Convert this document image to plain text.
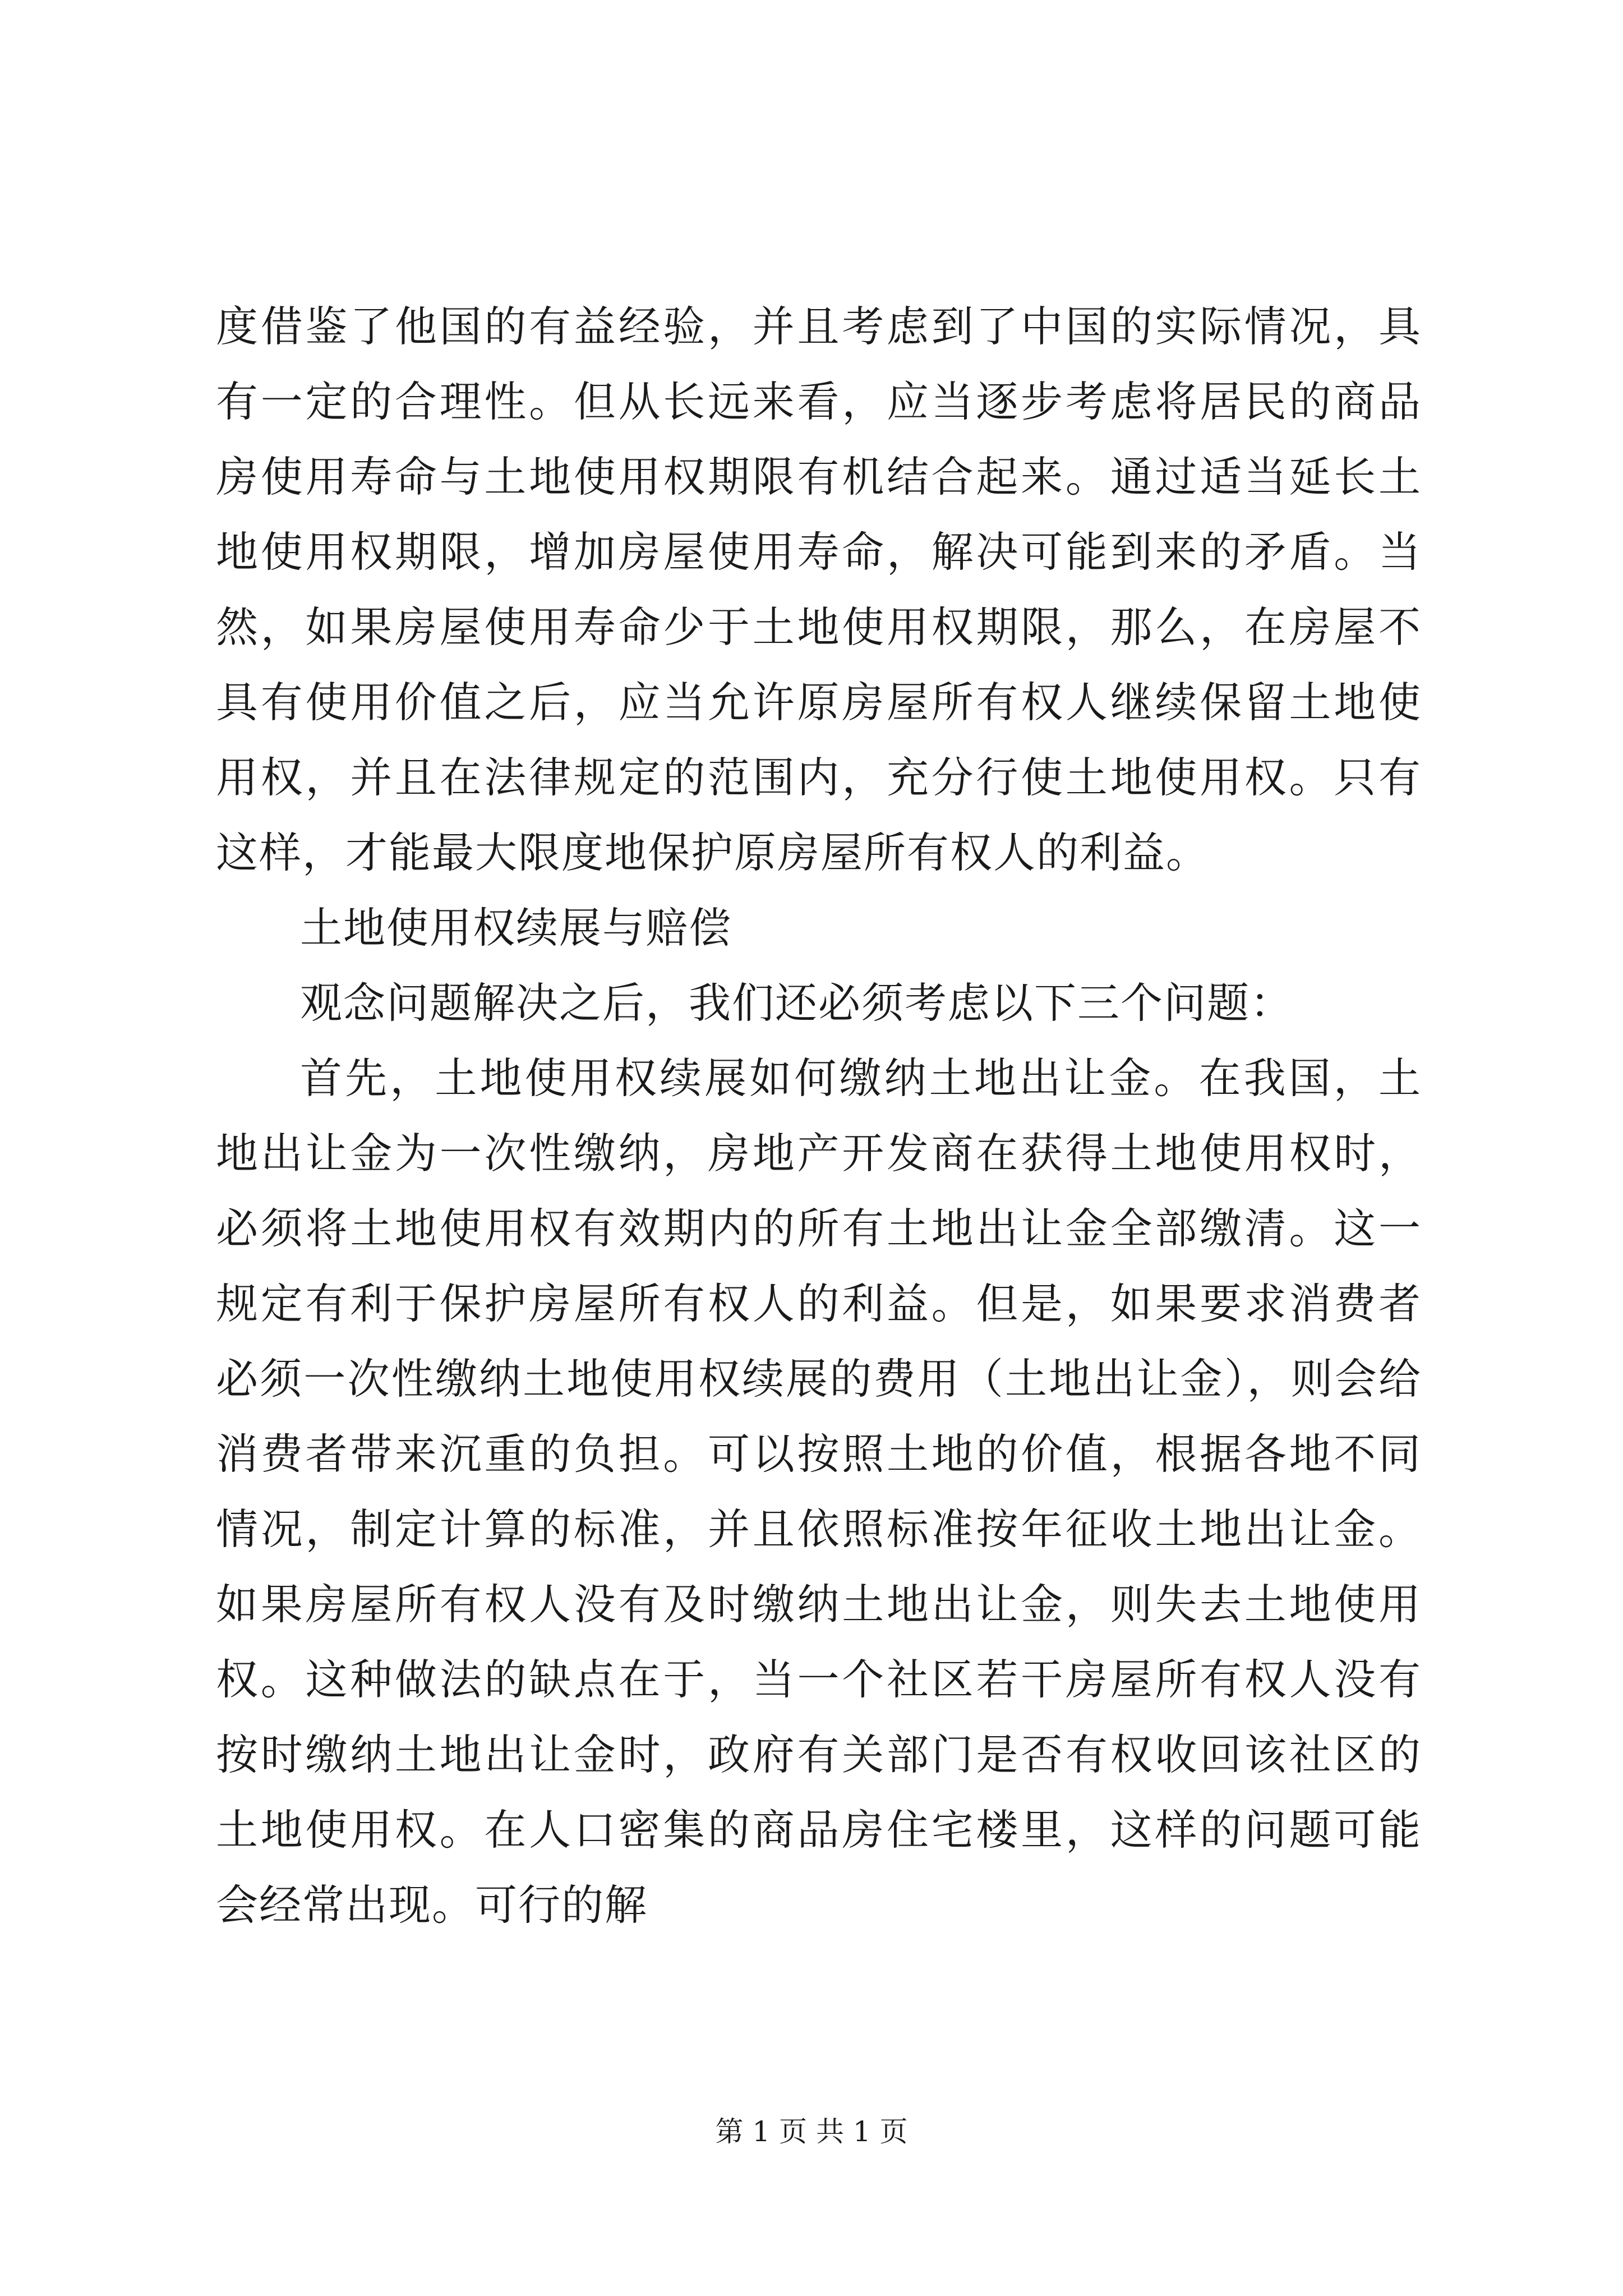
度借鉴了他国的有益经验，并且考虑到了中国的实际情况，具有一定的合理性。但从长远来看，应当逐步考虑将居民的商品房使用寿命与土地使用权期限有机结合起来。通过适当延长土地使用权期限，增加房屋使用寿命，解决可能到来的矛盾。当然，如果房屋使用寿命少于土地使用权期限，那么，在房屋不具有使用价值之后，应当允许原房屋所有权人继续保留土地使用权，并且在法律规定的范围内，充分行使土地使用权。只有这样，才能最大限度地保护原房屋所有权人的利益。

土地使用权续展与赔偿

观念问题解决之后，我们还必须考虑以下三个问题：

首先，土地使用权续展如何缴纳土地出让金。在我国，土地出让金为一次性缴纳，房地产开发商在获得土地使用权时，必须将土地使用权有效期内的所有土地出让金全部缴清。这一规定有利于保护房屋所有权人的利益。但是，如果要求消费者必须一次性缴纳土地使用权续展的费用（土地出让金），则会给消费者带来沉重的负担。可以按照土地的价值，根据各地不同情况，制定计算的标准，并且依照标准按年征收土地出让金。如果房屋所有权人没有及时缴纳土地出让金，则失去土地使用权。这种做法的缺点在于，当一个社区若干房屋所有权人没有按时缴纳土地出让金时，政府有关部门是否有权收回该社区的土地使用权。在人口密集的商品房住宅楼里，这样的问题可能会经常出现。可行的解

第 1 页 共 1 页
